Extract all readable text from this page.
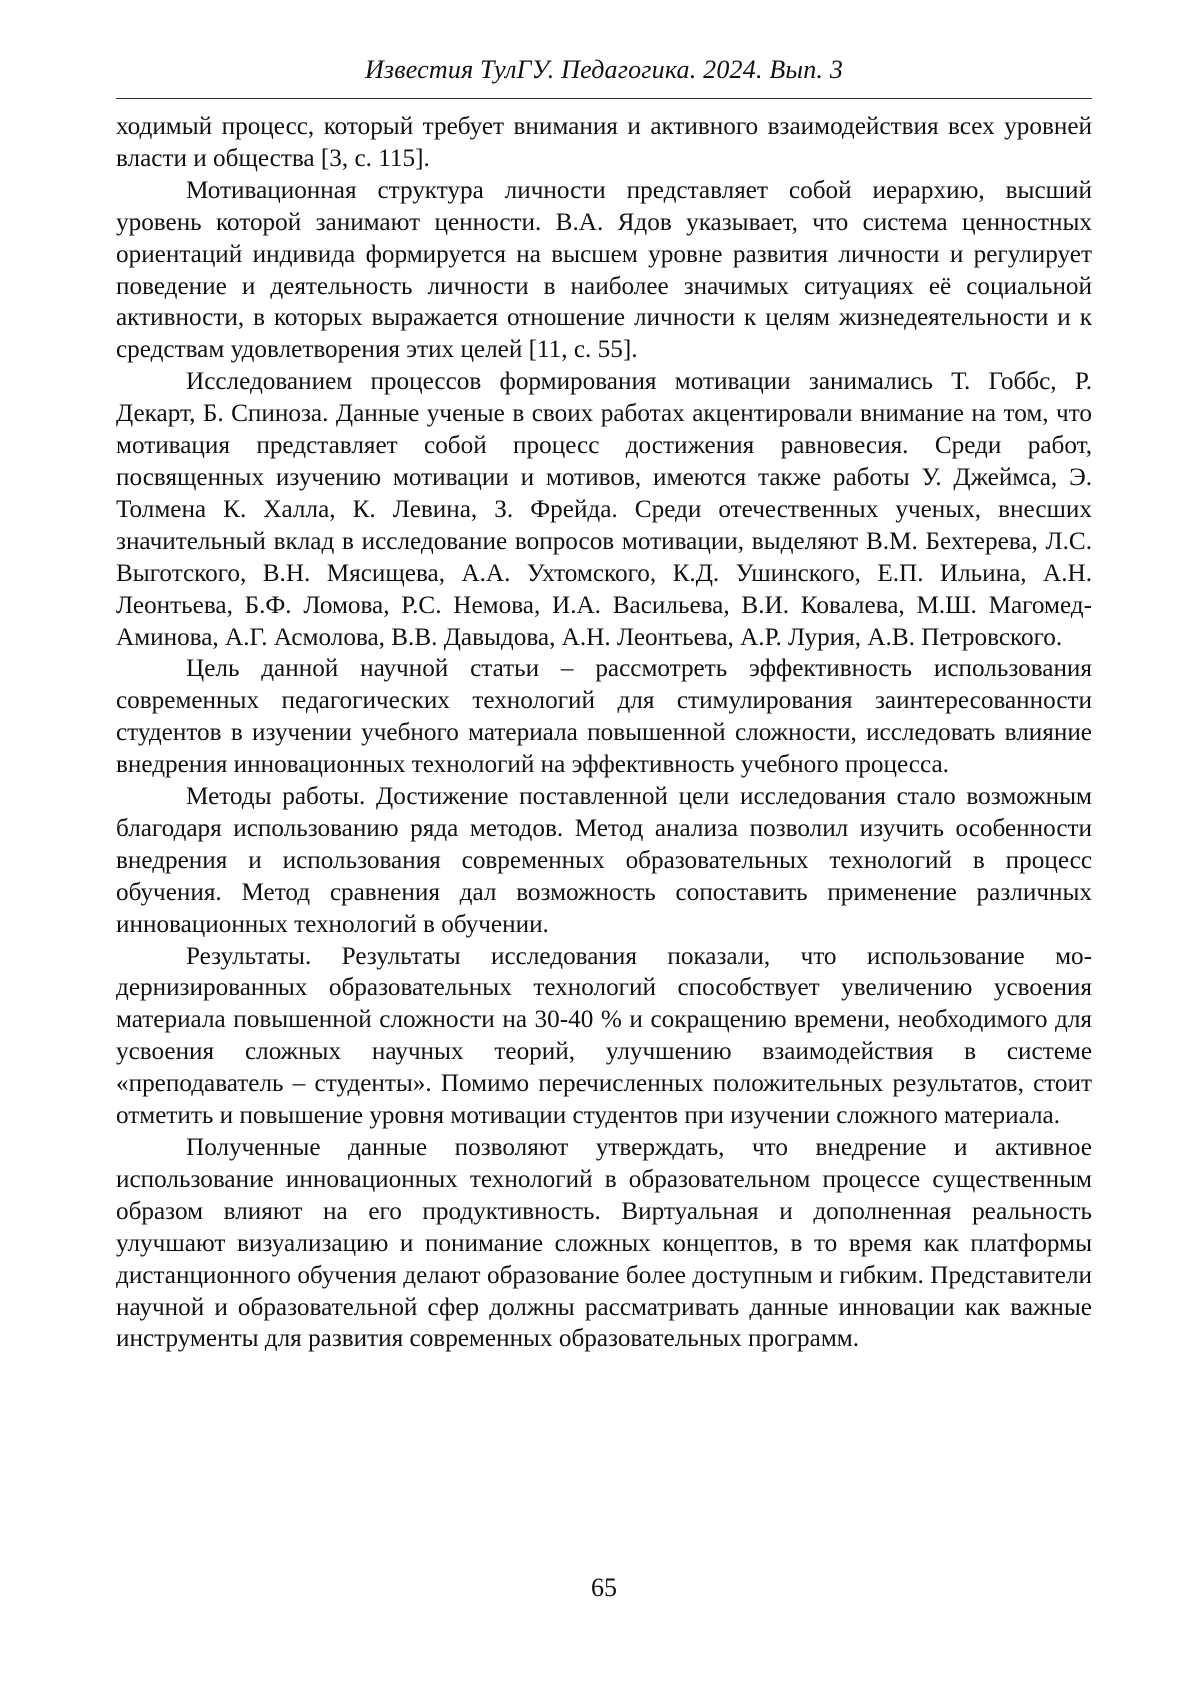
Известия ТулГУ. Педагогика. 2024. Вып. 3

ходимый процесс, который требует внимания и активного взаимодействия всех уровней власти и общества [3, с. 115].

Мотивационная структура личности представляет собой иерархию, высший уровень которой занимают ценности. В.А. Ядов указывает, что система ценностных ориентаций индивида формируется на высшем уровне развития личности и регулирует поведение и деятельность личности в наиболее значимых ситуациях её социальной активности, в которых выражается отношение личности к целям жизнедеятельности и к средствам удовлетворения этих целей [11, с. 55].

Исследованием процессов формирования мотивации занимались Т. Гоббс, Р. Декарт, Б. Спиноза. Данные ученые в своих работах акцентировали внимание на том, что мотивация представляет собой процесс достижения равновесия. Среди работ, посвященных изучению мотивации и мотивов, имеются также работы У. Джеймса, Э. Толмена К. Халла, К. Левина, З. Фрейда. Среди отечественных ученых, внесших значительный вклад в исследование вопросов мотивации, выделяют В.М. Бехтерева, Л.С. Выготского, В.Н. Мясищева, А.А. Ухтомского, К.Д. Ушинского, Е.П. Ильина, А.Н. Леонтьева, Б.Ф. Ломова, Р.С. Немова, И.А. Васильева, В.И. Ковалева, М.Ш. Магомед-Аминова, А.Г. Асмолова, В.В. Давыдова, А.Н. Леонтьева, А.Р. Лурия, А.В. Петровского.

Цель данной научной статьи – рассмотреть эффективность использования современных педагогических технологий для стимулирования заинтересованности студентов в изучении учебного материала повышенной сложности, исследовать влияние внедрения инновационных технологий на эффективность учебного процесса.

Методы работы. Достижение поставленной цели исследования стало возможным благодаря использованию ряда методов. Метод анализа позволил изучить особенности внедрения и использования современных образовательных технологий в процесс обучения. Метод сравнения дал возможность сопоставить применение различных инновационных технологий в обучении.

Результаты. Результаты исследования показали, что использование модернизированных образовательных технологий способствует увеличению усвоения материала повышенной сложности на 30-40 % и сокращению времени, необходимого для усвоения сложных научных теорий, улучшению взаимодействия в системе «преподаватель – студенты». Помимо перечисленных положительных результатов, стоит отметить и повышение уровня мотивации студентов при изучении сложного материала.

Полученные данные позволяют утверждать, что внедрение и активное использование инновационных технологий в образовательном процессе существенным образом влияют на его продуктивность. Виртуальная и дополненная реальность улучшают визуализацию и понимание сложных концептов, в то время как платформы дистанционного обучения делают образование более доступным и гибким. Представители научной и образовательной сфер должны рассматривать данные инновации как важные инструменты для развития современных образовательных программ.

65
